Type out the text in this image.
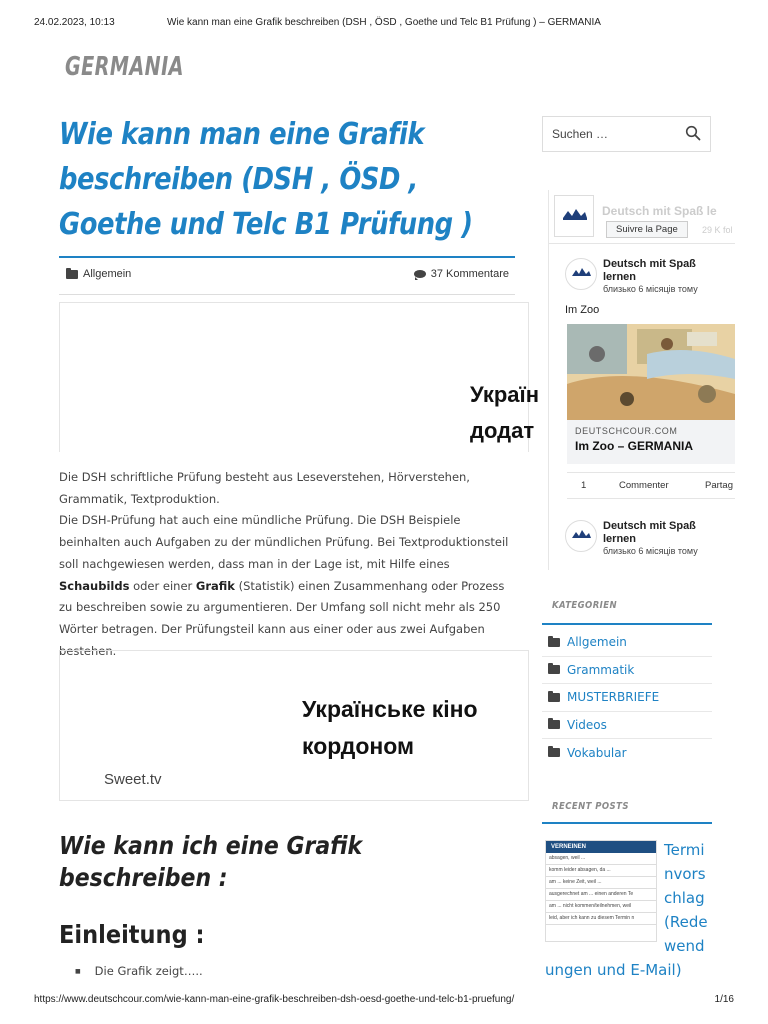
24.02.2023, 10:13	Wie kann man eine Grafik beschreiben (DSH , ÖSD , Goethe und Telc B1 Prüfung ) – GERMANIA
GERMANIA
Wie kann man eine Grafik beschreiben (DSH , ÖSD , Goethe und Telc B1 Prüfung )
Allgemein	37 Kommentare
Україн
додат

Die DSH schriftliche Prüfung besteht aus Leseverstehen, Hörverstehen, Grammatik, Textproduktion.

Die DSH-Prüfung hat auch eine mündliche Prüfung. Die DSH Beispiele beinhalten auch Aufgaben zu der mündlichen Prüfung. Bei Textproduktionsteil soll nachgewiesen werden, dass man in der Lage ist, mit Hilfe eines Schaubilds oder einer Grafik (Statistik) einen Zusammenhang oder Prozess zu beschreiben sowie zu argumentieren. Der Umfang soll nicht mehr als 250 Wörter betragen. Der Prüfungsteil kann aus einer oder aus zwei Aufgaben bestehen.

Українське кіно
кордоном
Sweet.tv
Wie kann ich eine Grafik beschreiben :
Einleitung :
■ Die Grafik zeigt…..
Suchen …
Deutsch mit Spaß le
Suivre la Page	29 K fol
Deutsch mit Spaß lernen
близько 6 місяців тому
Im Zoo
DEUTSCHCOUR.COM
Im Zoo – GERMANIA
1	Commenter	Partag
Deutsch mit Spaß lernen
близько 6 місяців тому
KATEGORIEN
Allgemein
Grammatik
MUSTERBRIEFE
Videos
Vokabular
RECENT POSTS
VERNEINEN
absagen, weil ...
komm leider absagen, da ...
am ... keine Zeit, weil ...
ausgerechnet am ... einen anderen Te
am ... nicht kommen/teilnehmen, weil
leid, aber ich kann zu diesem Termin n
Termi
nvors
chlag
(Rede
wend
ungen und E-Mail)
https://www.deutschcour.com/wie-kann-man-eine-grafik-beschreiben-dsh-oesd-goethe-und-telc-b1-pruefung/	1/16
